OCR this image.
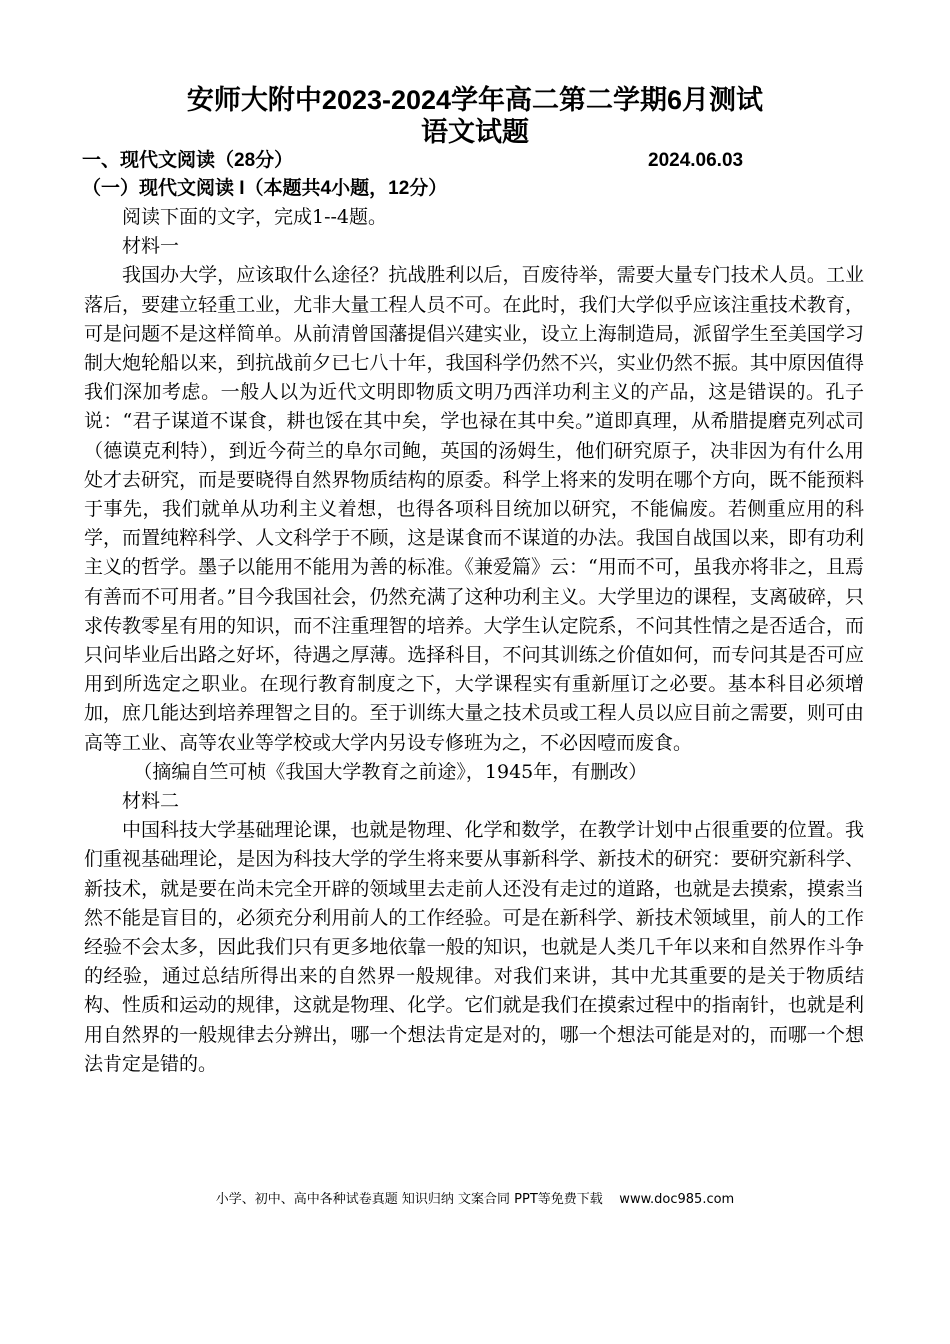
安师大附中2023-2024学年高二第二学期6月测试
语文试题
一、现代文阅读（28分）	2024.06.03
（一）现代文阅读 I（本题共4小题，12分）

阅读下面的文字，完成1--4题。

材料一

我国办大学，应该取什么途径？抗战胜利以后，百废待举，需要大量专门技术人员。工业落后，要建立轻重工业，尤非大量工程人员不可。在此时，我们大学似乎应该注重技术教育，可是问题不是这样简单。从前清曾国藩提倡兴建实业，设立上海制造局，派留学生至美国学习制大炮轮船以来，到抗战前夕已七八十年，我国科学仍然不兴，实业仍然不振。其中原因值得我们深加考虑。一般人以为近代文明即物质文明乃西洋功利主义的产品，这是错误的。孔子说：“君子谋道不谋食，耕也馁在其中矣，学也禄在其中矣。”道即真理，从希腊提磨克列忒司（德谟克利特），到近今荷兰的阜尔司鲍，英国的汤姆生，他们研究原子，决非因为有什么用处才去研究，而是要晓得自然界物质结构的原委。科学上将来的发明在哪个方向，既不能预料于事先，我们就单从功利主义着想，也得各项科目统加以研究，不能偏废。若侧重应用的科学，而置纯粹科学、人文科学于不顾，这是谋食而不谋道的办法。我国自战国以来，即有功利主义的哲学。墨子以能用不能用为善的标准。《兼爱篇》云：“用而不可，虽我亦将非之，且焉有善而不可用者。”目今我国社会，仍然充满了这种功利主义。大学里边的课程，支离破碎，只求传教零星有用的知识，而不注重理智的培养。大学生认定院系，不问其性情之是否适合，而只问毕业后出路之好坏，待遇之厚薄。选择科目，不问其训练之价值如何，而专问其是否可应用到所选定之职业。在现行教育制度之下，大学课程实有重新厘订之必要。基本科目必须增加，庶几能达到培养理智之目的。至于训练大量之技术员或工程人员以应目前之需要，则可由高等工业、高等农业等学校或大学内另设专修班为之，不必因噎而废食。

（摘编自竺可桢《我国大学教育之前途》，1945年，有删改）

材料二

中国科技大学基础理论课，也就是物理、化学和数学，在教学计划中占很重要的位置。我们重视基础理论，是因为科技大学的学生将来要从事新科学、新技术的研究：要研究新科学、新技术，就是要在尚未完全开辟的领域里去走前人还没有走过的道路，也就是去摸索，摸索当然不能是盲目的，必须充分利用前人的工作经验。可是在新科学、新技术领域里，前人的工作经验不会太多，因此我们只有更多地依靠一般的知识，也就是人类几千年以来和自然界作斗争的经验，通过总结所得出来的自然界一般规律。对我们来讲，其中尤其重要的是关于物质结构、性质和运动的规律，这就是物理、化学。它们就是我们在摸索过程中的指南针，也就是利用自然界的一般规律去分辨出，哪一个想法肯定是对的，哪一个想法可能是对的，而哪一个想法肯定是错的。

小学、初中、高中各种试卷真题 知识归纳 文案合同 PPT等免费下载    www.doc985.com
